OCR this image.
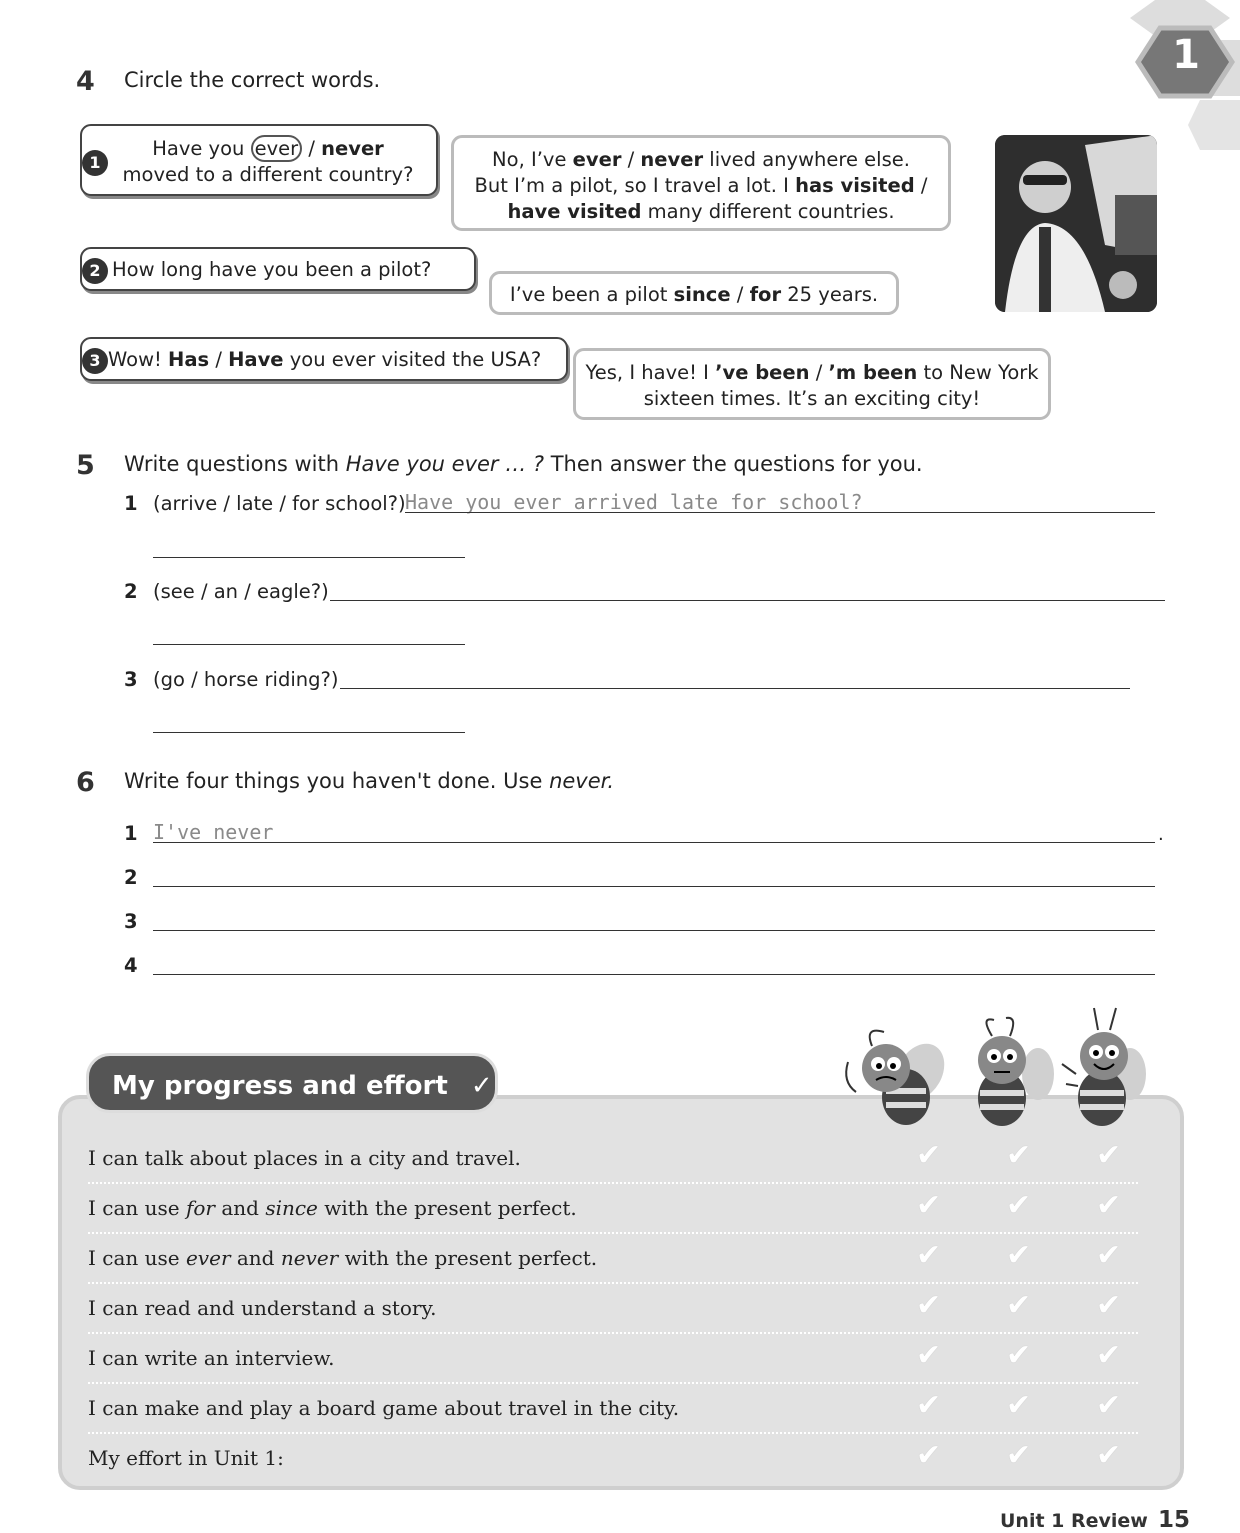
1
4 Circle the correct words.
Have you ever / never
moved to a different country?
1	No, I’ve ever / never lived anywhere else.
But I’m a pilot, so I travel a lot. I has visited /
have visited many different countries.
How long have you been a pilot?
2
I’ve been a pilot since / for 25 years.
Wow! Has / Have you ever visited the USA?
3
Yes, I have! I ’ve been / ’m been to New York
sixteen times. It’s an exciting city!
5 Write questions with Have you ever … ? Then answer the questions for you.
1 (arrive / late / for school?) Have you ever arrived late for school?
2 (see / an / eagle?)
3 (go / horse riding?)
6 Write four things you haven't done. Use never.
1 I've never	.
2
3
4
My progress and effort ✓
I can talk about places in a city and travel.
I can use for and since with the present perfect.
I can use ever and never with the present perfect.
I can read and understand a story.
I can write an interview.
I can make and play a board game about travel in the city.
My effort in Unit 1:
✔ ✔ ✔
✔ ✔ ✔
✔ ✔ ✔
✔ ✔ ✔
✔ ✔ ✔
✔ ✔ ✔
✔ ✔ ✔
Unit 1 Review 15
